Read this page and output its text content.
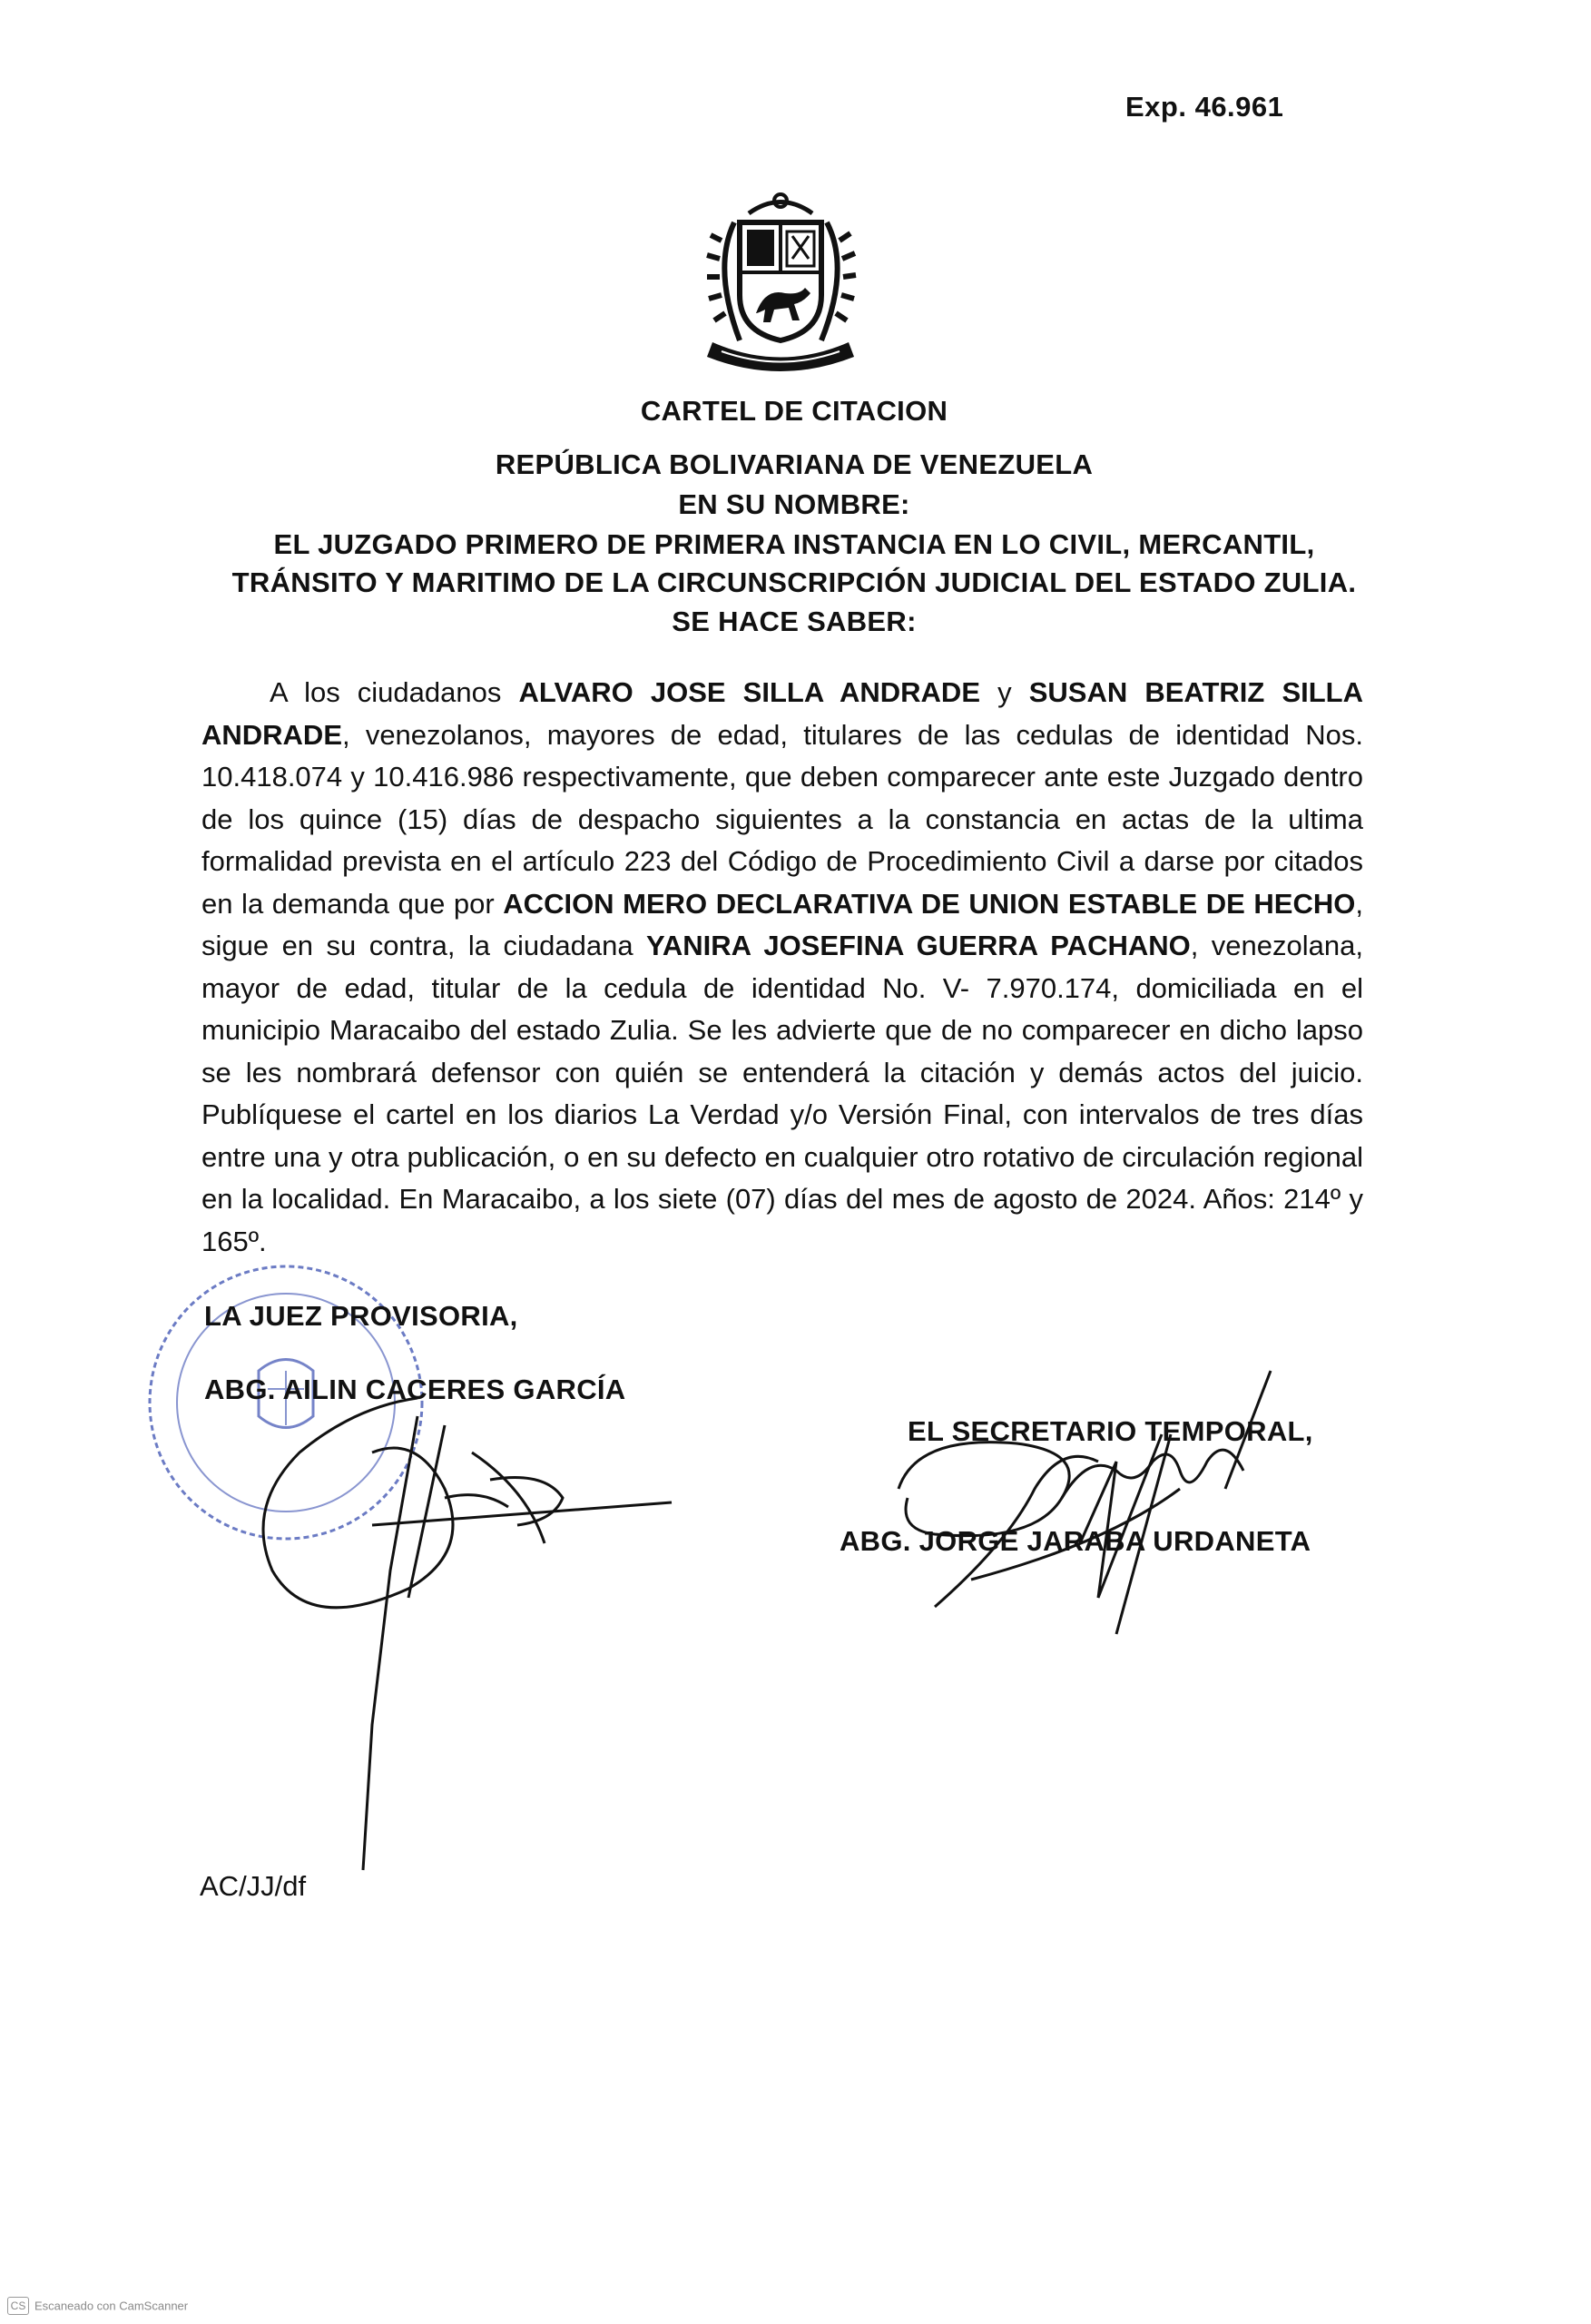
Exp. 46.961
CARTEL DE CITACION
REPÚBLICA BOLIVARIANA DE VENEZUELA
EN SU NOMBRE:
EL JUZGADO PRIMERO DE PRIMERA INSTANCIA EN LO CIVIL, MERCANTIL,
TRÁNSITO Y MARITIMO DE LA CIRCUNSCRIPCIÓN JUDICIAL DEL ESTADO ZULIA.
SE HACE SABER:
A los ciudadanos ALVARO JOSE SILLA ANDRADE y SUSAN BEATRIZ SILLA ANDRADE, venezolanos, mayores de edad, titulares de las cedulas de identidad Nos. 10.418.074 y 10.416.986 respectivamente, que deben comparecer ante este Juzgado dentro de los quince (15) días de despacho siguientes a la constancia en actas de la ultima formalidad prevista en el artículo 223 del Código de Procedimiento Civil a darse por citados en la demanda que por ACCION MERO DECLARATIVA DE UNION ESTABLE DE HECHO, sigue en su contra, la ciudadana YANIRA JOSEFINA GUERRA PACHANO, venezolana, mayor de edad, titular de la cedula de identidad No. V- 7.970.174, domiciliada en el municipio Maracaibo del estado Zulia. Se les advierte que de no comparecer en dicho lapso se les nombrará defensor con quién se entenderá la citación y demás actos del juicio. Publíquese el cartel en los diarios La Verdad y/o Versión Final, con intervalos de tres días entre una y otra publicación, o en su defecto en cualquier otro rotativo de circulación regional en la localidad. En Maracaibo, a los siete (07) días del mes de agosto de 2024. Años: 214º y 165º.
LA JUEZ PROVISORIA,
ABG. AILIN CACERES GARCÍA
EL SECRETARIO TEMPORAL,
ABG. JORGE JARABA URDANETA
AC/JJ/df
CS Escaneado con CamScanner
